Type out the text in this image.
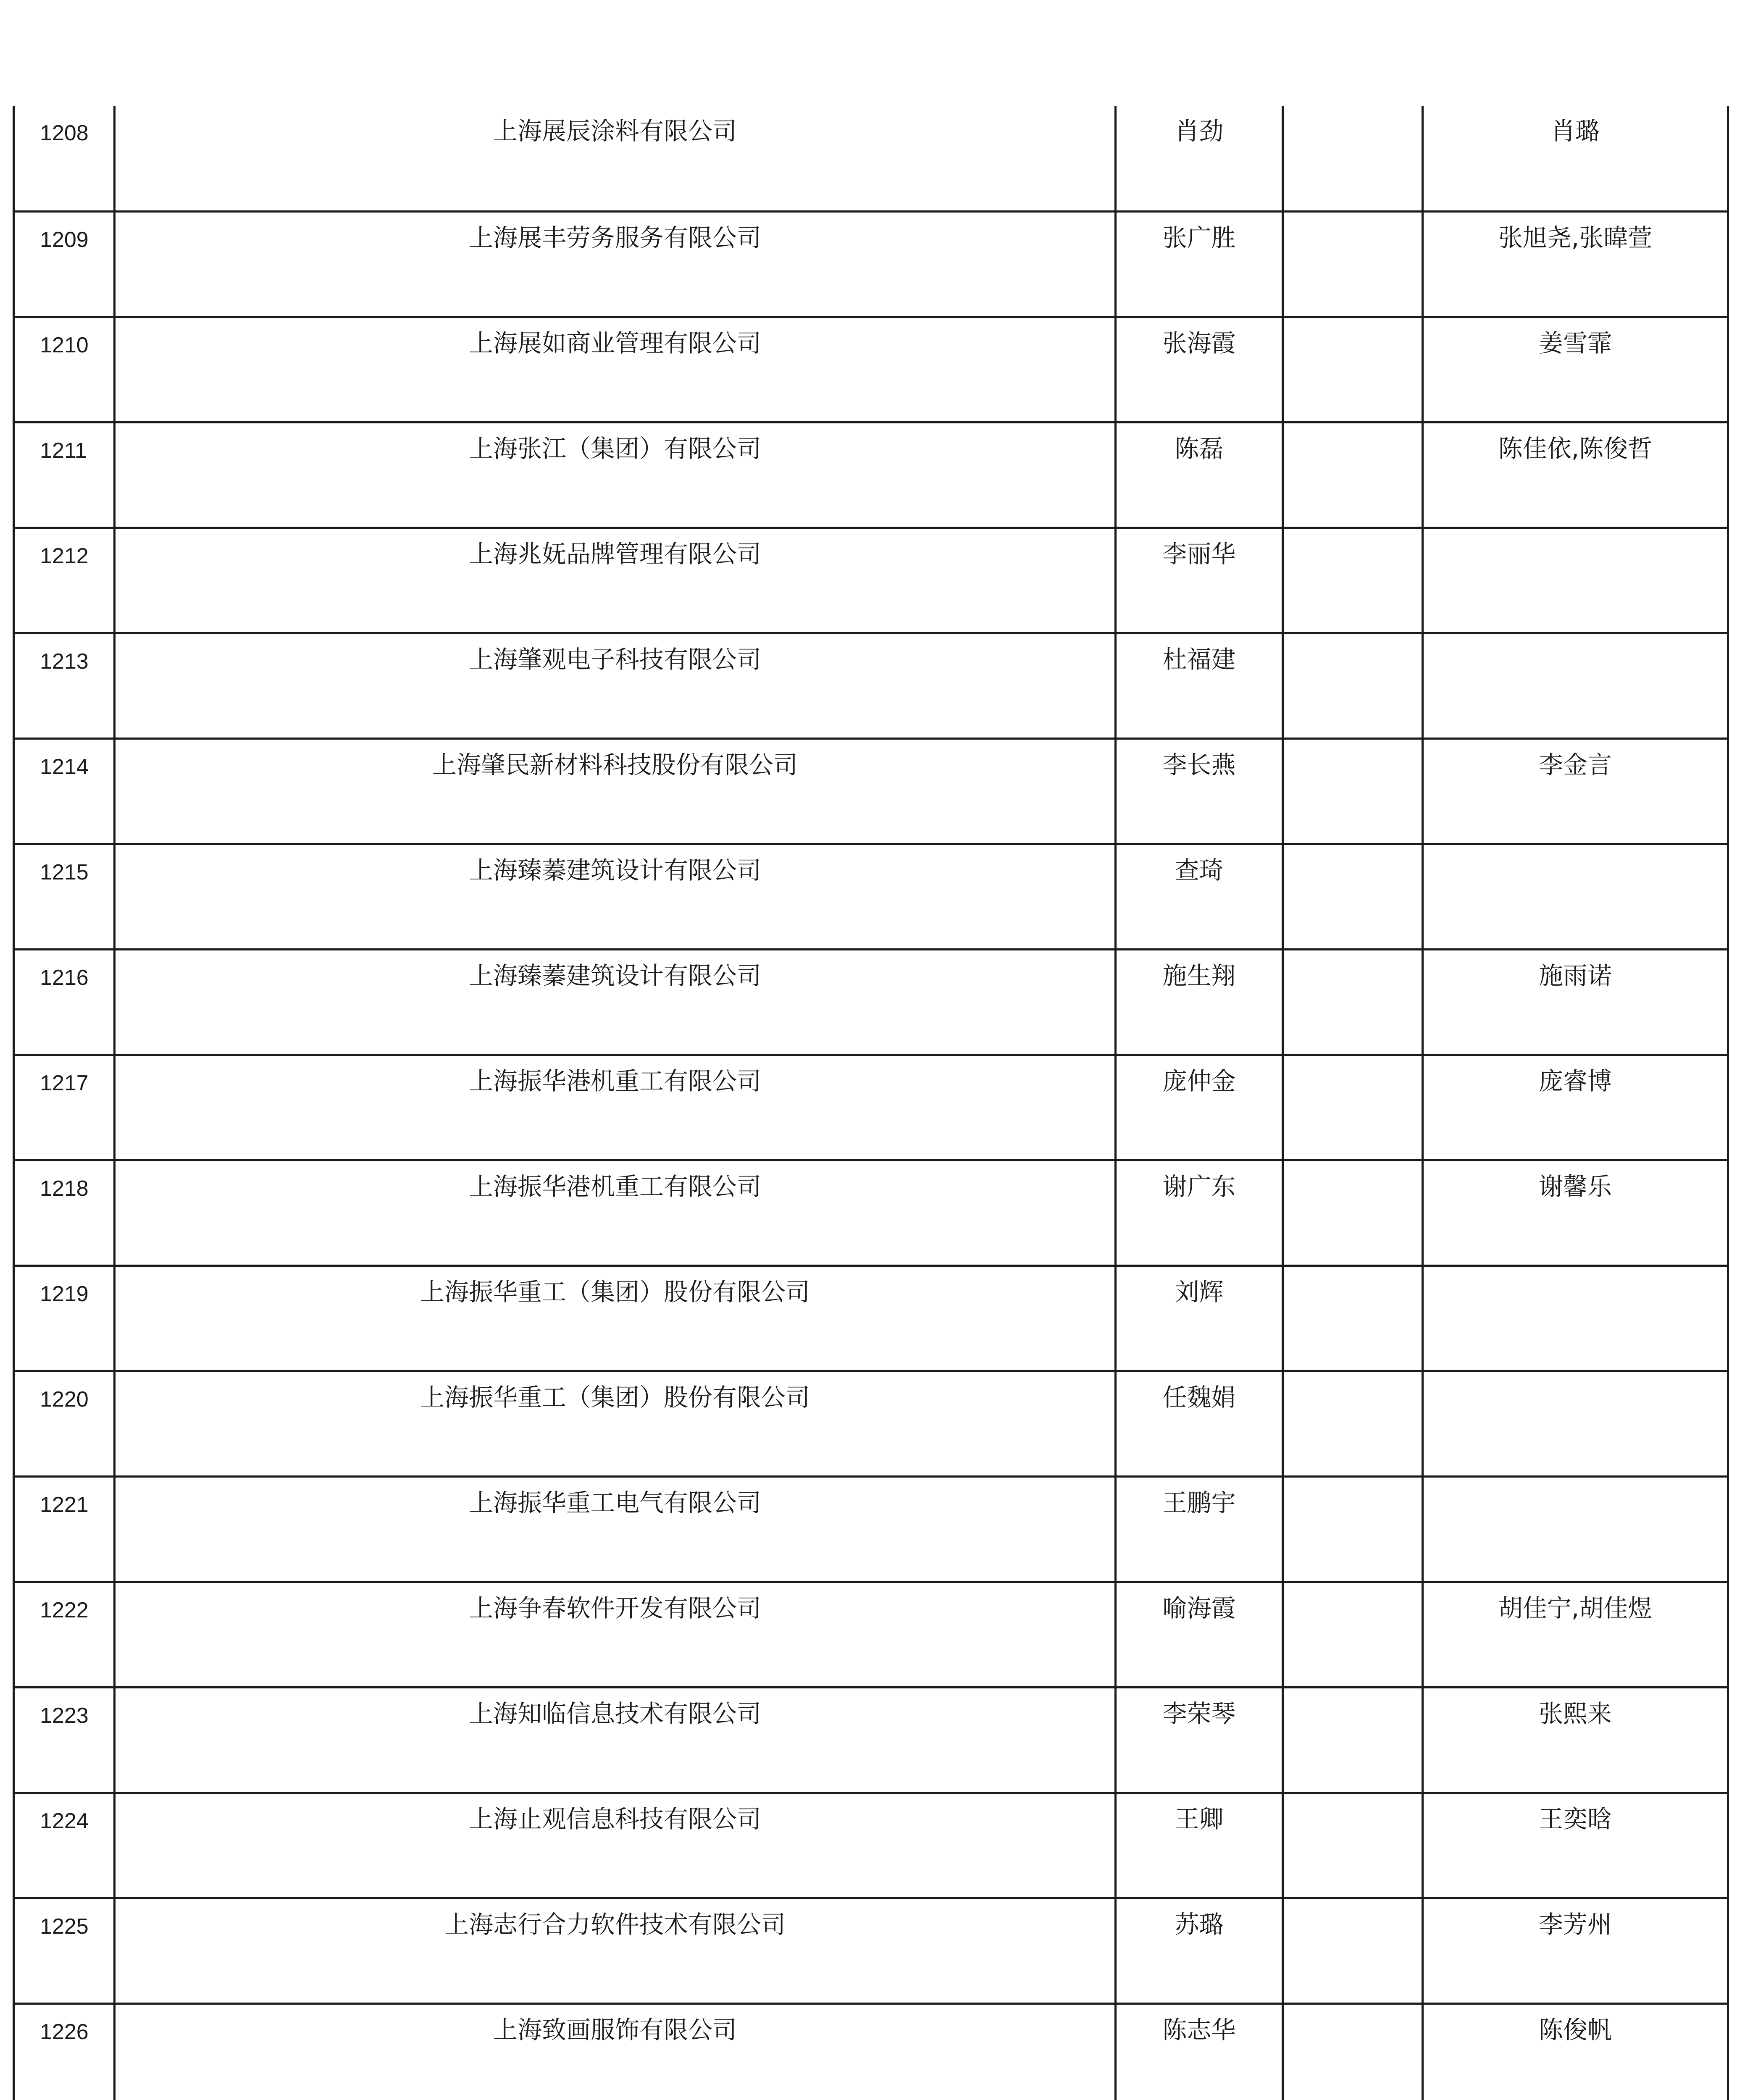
1208	上海展辰涂料有限公司	肖劲		肖璐
1209	上海展丰劳务服务有限公司	张广胜		张旭尧,张暐萱
1210	上海展如商业管理有限公司	张海霞		姜雪霏
1211	上海张江（集团）有限公司	陈磊		陈佳依,陈俊哲
1212	上海兆妩品牌管理有限公司	李丽华		
1213	上海肇观电子科技有限公司	杜福建		
1214	上海肇民新材料科技股份有限公司	李长燕		李金言
1215	上海臻蓁建筑设计有限公司	查琦		
1216	上海臻蓁建筑设计有限公司	施生翔		施雨诺
1217	上海振华港机重工有限公司	庞仲金		庞睿博
1218	上海振华港机重工有限公司	谢广东		谢馨乐
1219	上海振华重工（集团）股份有限公司	刘辉		
1220	上海振华重工（集团）股份有限公司	任魏娟		
1221	上海振华重工电气有限公司	王鹏宇		
1222	上海争春软件开发有限公司	喻海霞		胡佳宁,胡佳煜
1223	上海知临信息技术有限公司	李荣琴		张熙来
1224	上海止观信息科技有限公司	王卿		王奕晗
1225	上海志行合力软件技术有限公司	苏璐		李芳州
1226	上海致画服饰有限公司	陈志华		陈俊帆
